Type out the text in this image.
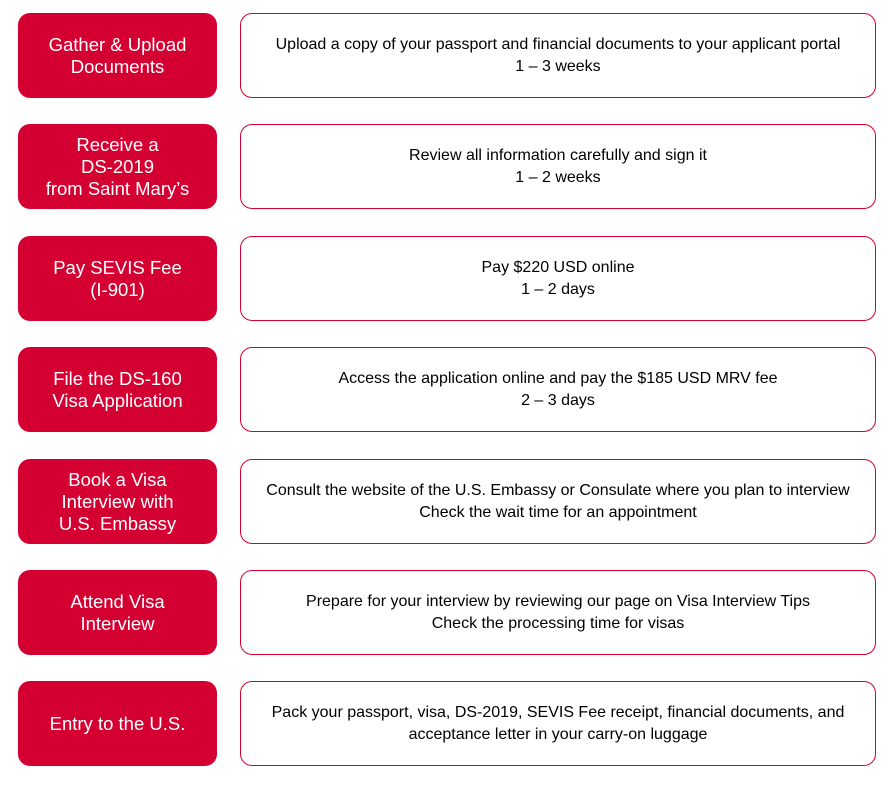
Gather & Upload
Documents
Upload a copy of your passport and financial documents to your applicant portal
1 – 3 weeks
Receive a
DS-2019
from Saint Mary’s
Review all information carefully and sign it
1 – 2 weeks
Pay SEVIS Fee
(I-901)
Pay $220 USD online
1 – 2 days
File the DS-160
Visa Application
Access the application online and pay the $185 USD MRV fee
2 – 3 days
Book a Visa
Interview with
U.S. Embassy
Consult the website of the U.S. Embassy or Consulate where you plan to interview
Check the wait time for an appointment
Attend Visa
Interview
Prepare for your interview by reviewing our page on Visa Interview Tips
Check the processing time for visas
Entry to the U.S.
Pack your passport, visa, DS-2019, SEVIS Fee receipt, financial documents, and
acceptance letter in your carry-on luggage
